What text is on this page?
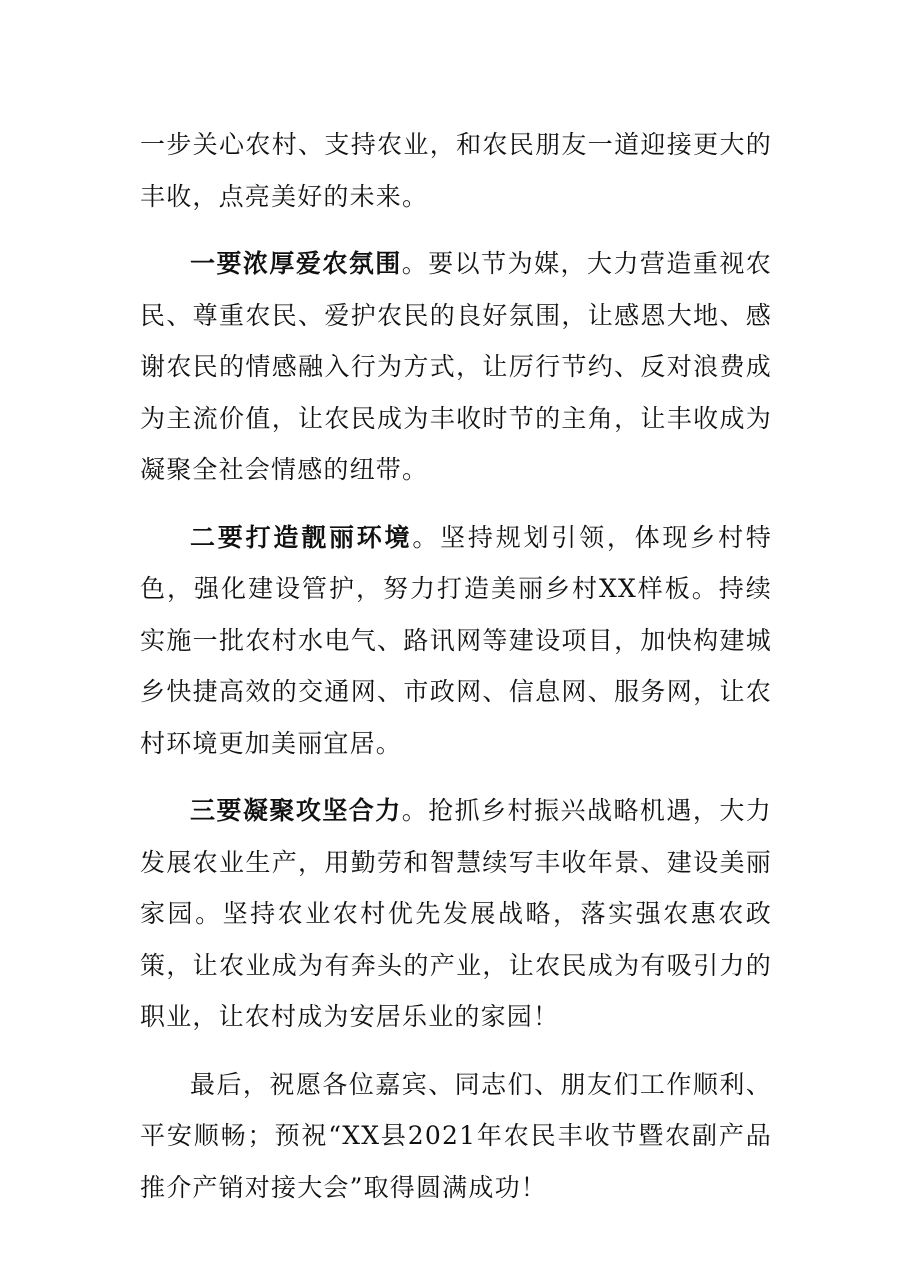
一步关心农村、支持农业，和农民朋友一道迎接更大的丰收，点亮美好的未来。

一要浓厚爱农氛围。要以节为媒，大力营造重视农民、尊重农民、爱护农民的良好氛围，让感恩大地、感谢农民的情感融入行为方式，让厉行节约、反对浪费成为主流价值，让农民成为丰收时节的主角，让丰收成为凝聚全社会情感的纽带。

二要打造靓丽环境。坚持规划引领，体现乡村特色，强化建设管护，努力打造美丽乡村XX样板。持续实施一批农村水电气、路讯网等建设项目，加快构建城乡快捷高效的交通网、市政网、信息网、服务网，让农村环境更加美丽宜居。

三要凝聚攻坚合力。抢抓乡村振兴战略机遇，大力发展农业生产，用勤劳和智慧续写丰收年景、建设美丽家园。坚持农业农村优先发展战略，落实强农惠农政策，让农业成为有奔头的产业，让农民成为有吸引力的职业，让农村成为安居乐业的家园！

最后，祝愿各位嘉宾、同志们、朋友们工作顺利、平安顺畅；预祝“XX县2021年农民丰收节暨农副产品推介产销对接大会”取得圆满成功！
